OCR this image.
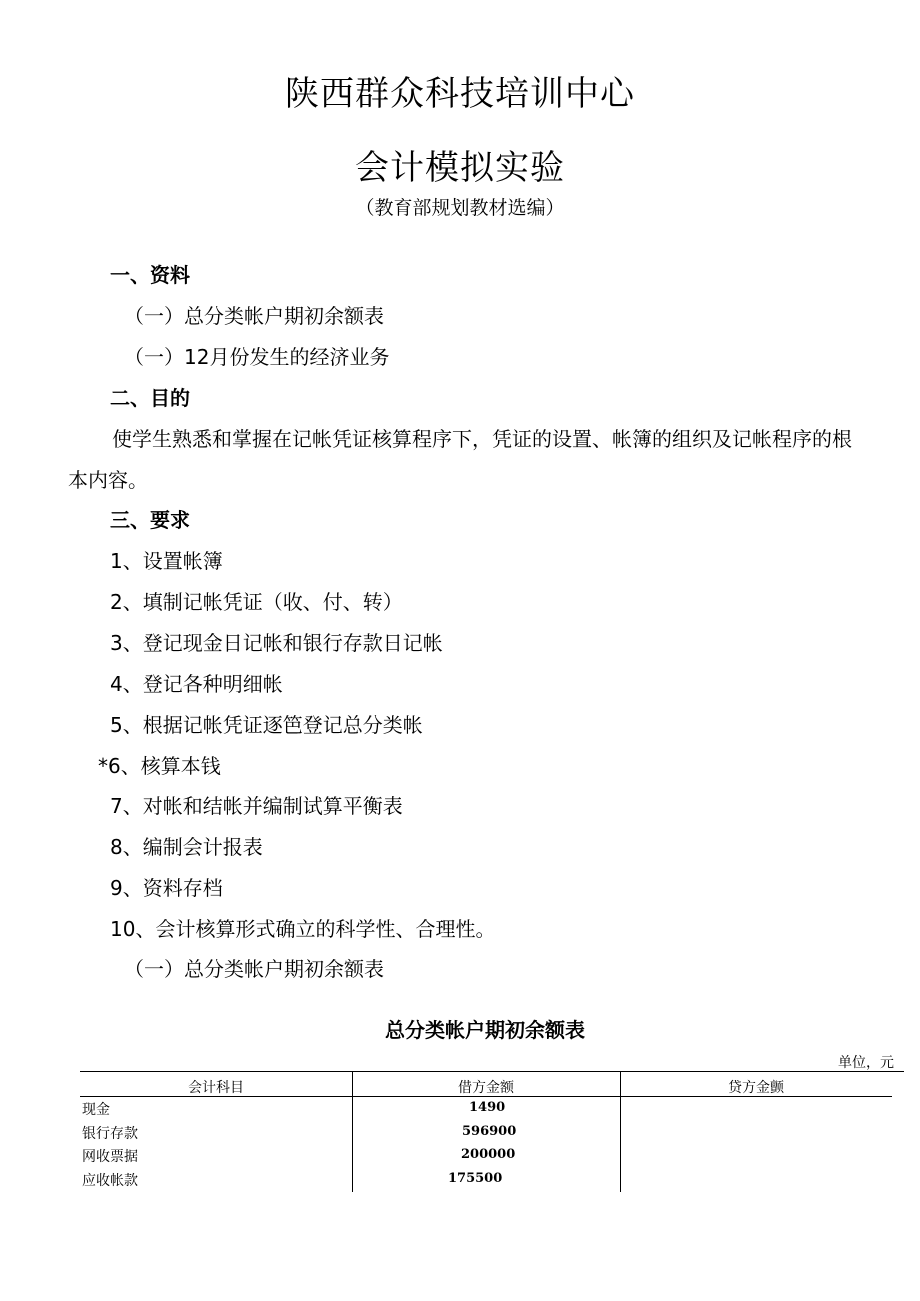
陕西群众科技培训中心
会计模拟实验
（教育部规划教材选编）
一、资料
（一）总分类帐户期初余额表
（一）12月份发生的经济业务
二、目的
使学生熟悉和掌握在记帐凭证核算程序下，凭证的设置、帐簿的组织及记帐程序的根
本内容。
三、要求
1、设置帐簿
2、填制记帐凭证（收、付、转）
3、登记现金日记帐和银行存款日记帐
4、登记各种明细帐
5、根据记帐凭证逐笆登记总分类帐
*6、核算本钱
7、对帐和结帐并编制试算平衡表
8、编制会计报表
9、资料存档
10、会计核算形式确立的科学性、合理性。
（一）总分类帐户期初余额表
总分类帐户期初余额表
单位，元
会计科目	借方金额	贷方金颤
现金	1490
银行存款	596900
网收票据	200000
应收帐款	175500
